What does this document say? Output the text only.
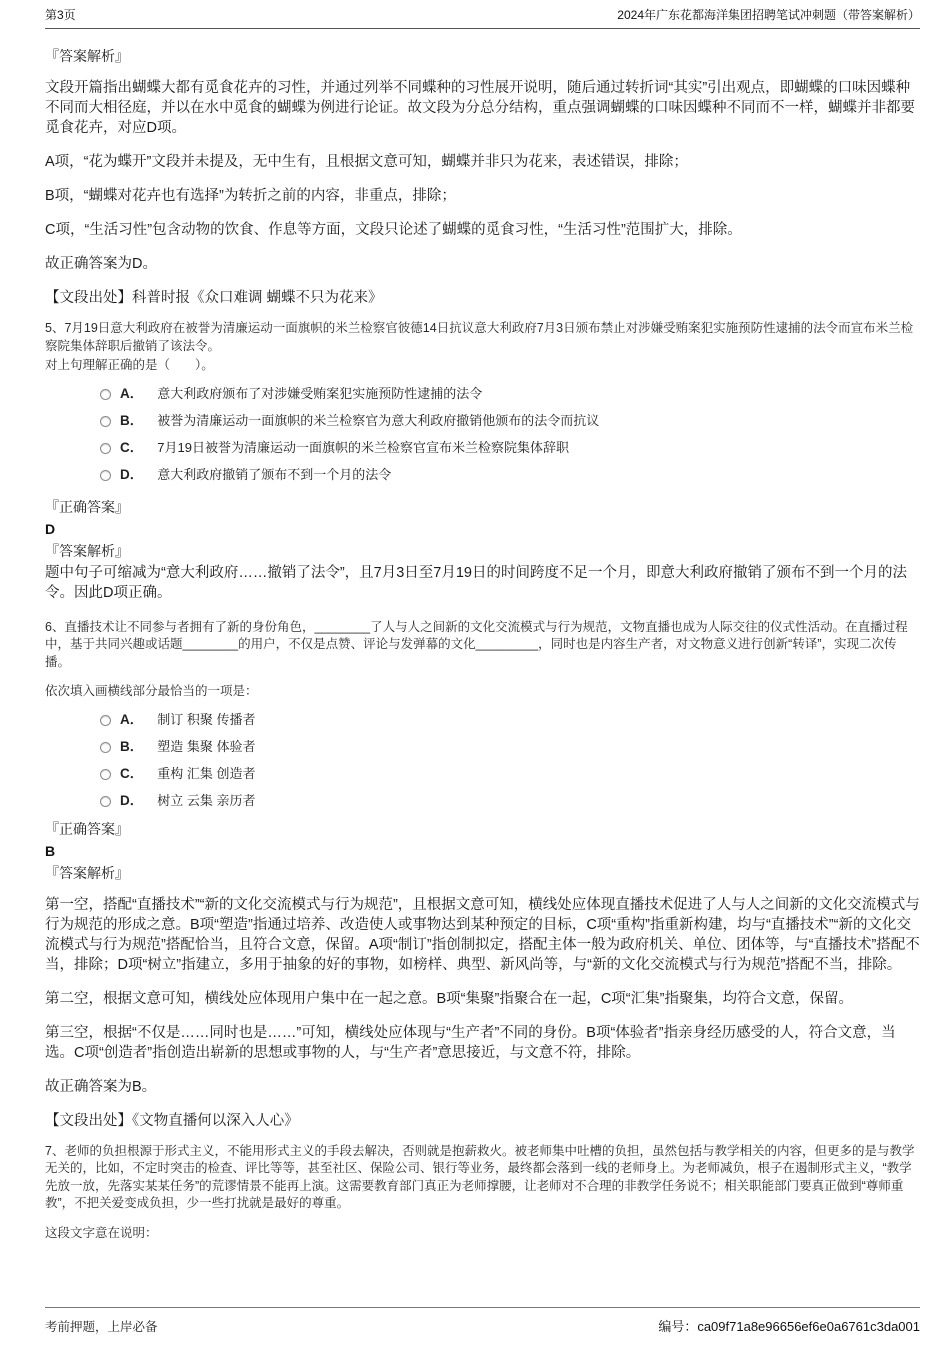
第3页	2024年广东花都海洋集团招聘笔试冲刺题（带答案解析）
『答案解析』
文段开篇指出蝴蝶大都有觅食花卉的习性，并通过列举不同蝶种的习性展开说明，随后通过转折词“其实”引出观点，即蝴蝶的口味因蝶种不同而大相径庭，并以在水中觅食的蝴蝶为例进行论证。故文段为分总分结构，重点强调蝴蝶的口味因蝶种不同而不一样，蝴蝶并非都要觅食花卉，对应D项。
A项，“花为蝶开”文段并未提及，无中生有，且根据文意可知，蝴蝶并非只为花来，表述错误，排除；
B项，“蝴蝶对花卉也有选择”为转折之前的内容，非重点，排除；
C项，“生活习性”包含动物的饮食、作息等方面，文段只论述了蝴蝶的觅食习性，“生活习性”范围扩大，排除。
故正确答案为D。
【文段出处】科普时报《众口难调 蝴蝶不只为花来》
5、7月19日意大利政府在被誉为清廉运动一面旗帜的米兰检察官彼德14日抗议意大利政府7月3日颁布禁止对涉嫌受贿案犯实施预防性逮捕的法令而宣布米兰检察院集体辞职后撤销了该法令。
对上句理解正确的是（　　）。
A． 意大利政府颁布了对涉嫌受贿案犯实施预防性逮捕的法令
B． 被誉为清廉运动一面旗帜的米兰检察官为意大利政府撤销他颁布的法令而抗议
C． 7月19日被誉为清廉运动一面旗帜的米兰检察官宣布米兰检察院集体辞职
D． 意大利政府撤销了颁布不到一个月的法令
『正确答案』
D
『答案解析』
题中句子可缩减为“意大利政府……撤销了法令”，且7月3日至7月19日的时间跨度不足一个月，即意大利政府撤销了颁布不到一个月的法令。因此D项正确。
6、直播技术让不同参与者拥有了新的身份角色，________了人与人之间新的文化交流模式与行为规范，文物直播也成为人际交往的仪式性活动。在直播过程中，基于共同兴趣或话题________的用户，不仅是点赞、评论与发弹幕的文化_________，同时也是内容生产者，对文物意义进行创新“转译”，实现二次传播。
依次填入画横线部分最恰当的一项是：
A． 制订 积聚 传播者
B． 塑造 集聚 体验者
C． 重构 汇集 创造者
D． 树立 云集 亲历者
『正确答案』
B
『答案解析』
第一空，搭配“直播技术”“新的文化交流模式与行为规范”，且根据文意可知，横线处应体现直播技术促进了人与人之间新的文化交流模式与行为规范的形成之意。B项“塑造”指通过培养、改造使人或事物达到某种预定的目标，C项“重构”指重新构建，均与“直播技术”“新的文化交流模式与行为规范”搭配恰当，且符合文意，保留。A项“制订”指创制拟定，搭配主体一般为政府机关、单位、团体等，与“直播技术”搭配不当，排除；D项“树立”指建立，多用于抽象的好的事物，如榜样、典型、新风尚等，与“新的文化交流模式与行为规范”搭配不当，排除。
第二空，根据文意可知，横线处应体现用户集中在一起之意。B项“集聚”指聚合在一起，C项“汇集”指聚集，均符合文意，保留。
第三空，根据“不仅是……同时也是……”可知，横线处应体现与“生产者”不同的身份。B项“体验者”指亲身经历感受的人，符合文意，当选。C项“创造者”指创造出崭新的思想或事物的人，与“生产者”意思接近，与文意不符，排除。
故正确答案为B。
【文段出处】《文物直播何以深入人心》
7、老师的负担根源于形式主义，不能用形式主义的手段去解决，否则就是抱薪救火。被老师集中吐槽的负担，虽然包括与教学相关的内容，但更多的是与教学无关的，比如，不定时突击的检查、评比等等，甚至社区、保险公司、银行等业务，最终都会落到一线的老师身上。为老师减负，根子在遏制形式主义，“教学先放一放，先落实某某任务”的荒谬情景不能再上演。这需要教育部门真正为老师撑腰，让老师对不合理的非教学任务说不；相关职能部门要真正做到“尊师重教”，不把关爱变成负担，少一些打扰就是最好的尊重。
这段文字意在说明：
考前押题，上岸必备	编号：ca09f71a8e96656ef6e0a6761c3da001
